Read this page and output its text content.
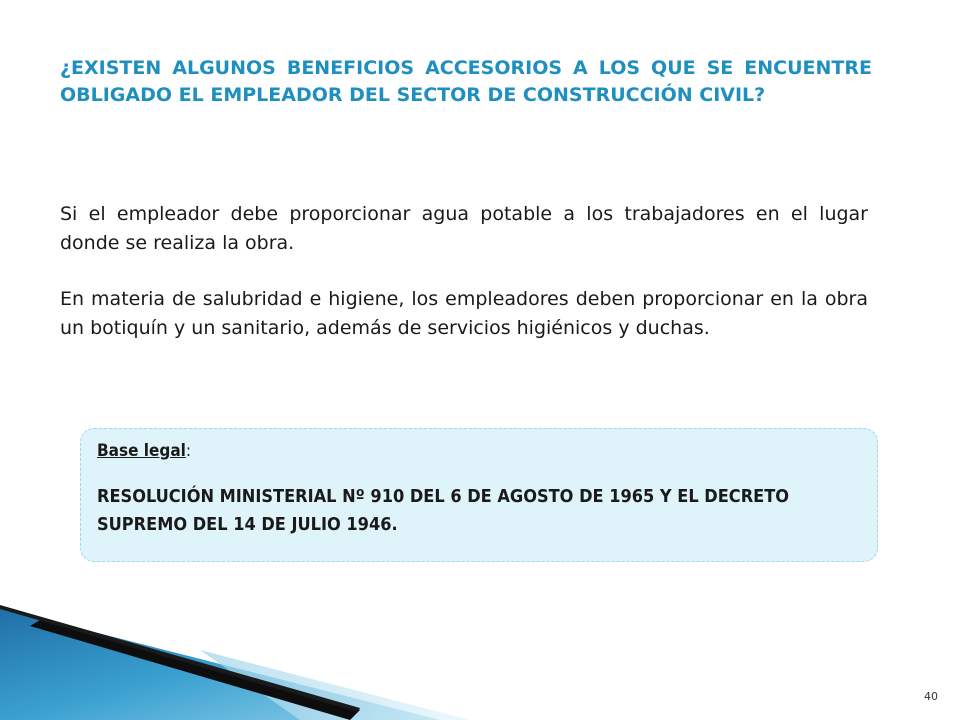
¿EXISTEN ALGUNOS BENEFICIOS ACCESORIOS A LOS QUE SE ENCUENTRE OBLIGADO EL EMPLEADOR DEL SECTOR DE CONSTRUCCIÓN CIVIL?

Si el empleador debe proporcionar agua potable a los trabajadores en el lugar donde se realiza la obra.

En materia de salubridad e higiene, los empleadores deben proporcionar en la obra un botiquín y un sanitario, además de servicios higiénicos y duchas.

Base legal:

RESOLUCIÓN MINISTERIAL Nº 910 DEL 6 DE AGOSTO DE 1965 Y EL DECRETO SUPREMO DEL 14 DE JULIO 1946.

40
